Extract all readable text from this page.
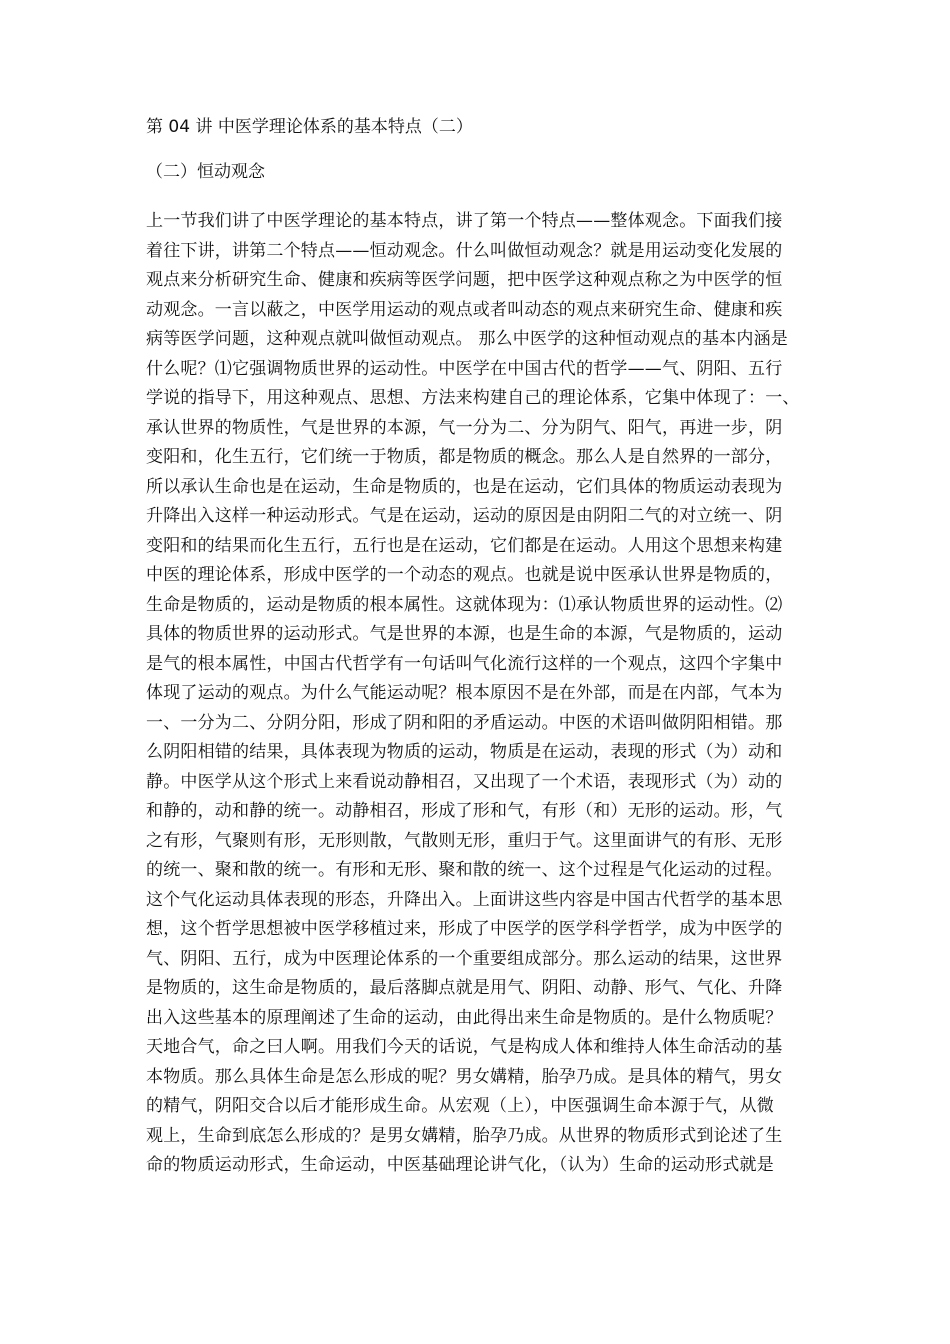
第 04 讲 中医学理论体系的基本特点（二）
（二）恒动观念
上一节我们讲了中医学理论的基本特点，讲了第一个特点——整体观念。下面我们接
着往下讲，讲第二个特点——恒动观念。什么叫做恒动观念？就是用运动变化发展的
观点来分析研究生命、健康和疾病等医学问题，把中医学这种观点称之为中医学的恒
动观念。一言以蔽之，中医学用运动的观点或者叫动态的观点来研究生命、健康和疾
病等医学问题，这种观点就叫做恒动观点。 那么中医学的这种恒动观点的基本内涵是
什么呢？⑴它强调物质世界的运动性。中医学在中国古代的哲学——气、阴阳、五行
学说的指导下，用这种观点、思想、方法来构建自己的理论体系，它集中体现了：一、
承认世界的物质性，气是世界的本源，气一分为二、分为阴气、阳气，再进一步，阴
变阳和，化生五行，它们统一于物质，都是物质的概念。那么人是自然界的一部分，
所以承认生命也是在运动，生命是物质的，也是在运动，它们具体的物质运动表现为
升降出入这样一种运动形式。气是在运动，运动的原因是由阴阳二气的对立统一、阴
变阳和的结果而化生五行，五行也是在运动，它们都是在运动。人用这个思想来构建
中医的理论体系，形成中医学的一个动态的观点。也就是说中医承认世界是物质的，
生命是物质的，运动是物质的根本属性。这就体现为：⑴承认物质世界的运动性。⑵
具体的物质世界的运动形式。气是世界的本源，也是生命的本源，气是物质的，运动
是气的根本属性，中国古代哲学有一句话叫气化流行这样的一个观点，这四个字集中
体现了运动的观点。为什么气能运动呢？根本原因不是在外部，而是在内部，气本为
一、一分为二、分阴分阳，形成了阴和阳的矛盾运动。中医的术语叫做阴阳相错。那
么阴阳相错的结果，具体表现为物质的运动，物质是在运动，表现的形式（为）动和
静。中医学从这个形式上来看说动静相召，又出现了一个术语，表现形式（为）动的
和静的，动和静的统一。动静相召，形成了形和气，有形（和）无形的运动。形，气
之有形，气聚则有形，无形则散，气散则无形，重归于气。这里面讲气的有形、无形
的统一、聚和散的统一。有形和无形、聚和散的统一、这个过程是气化运动的过程。
这个气化运动具体表现的形态，升降出入。上面讲这些内容是中国古代哲学的基本思
想，这个哲学思想被中医学移植过来，形成了中医学的医学科学哲学，成为中医学的
气、阴阳、五行，成为中医理论体系的一个重要组成部分。那么运动的结果，这世界
是物质的，这生命是物质的，最后落脚点就是用气、阴阳、动静、形气、气化、升降
出入这些基本的原理阐述了生命的运动，由此得出来生命是物质的。是什么物质呢？
天地合气，命之曰人啊。用我们今天的话说，气是构成人体和维持人体生命活动的基
本物质。那么具体生命是怎么形成的呢？男女媾精，胎孕乃成。是具体的精气，男女
的精气，阴阳交合以后才能形成生命。从宏观（上），中医强调生命本源于气，从微
观上，生命到底怎么形成的？是男女媾精，胎孕乃成。从世界的物质形式到论述了生
命的物质运动形式，生命运动，中医基础理论讲气化，（认为）生命的运动形式就是
